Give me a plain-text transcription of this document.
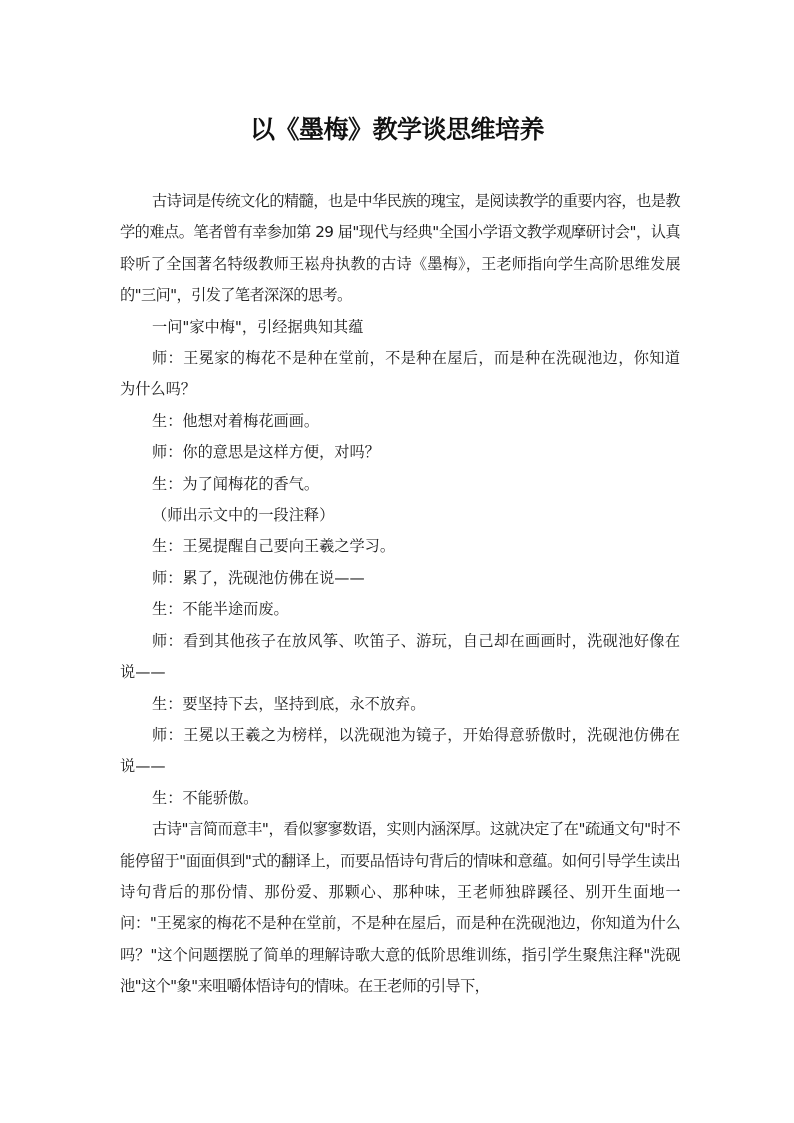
以《墨梅》教学谈思维培养

古诗词是传统文化的精髓，也是中华民族的瑰宝，是阅读教学的重要内容，也是教学的难点。笔者曾有幸参加第 29 届"现代与经典"全国小学语文教学观摩研讨会"，认真聆听了全国著名特级教师王崧舟执教的古诗《墨梅》，王老师指向学生高阶思维发展的"三问"，引发了笔者深深的思考。

一问"家中梅"，引经据典知其蕴

师：王冕家的梅花不是种在堂前，不是种在屋后，而是种在洗砚池边，你知道为什么吗？

生：他想对着梅花画画。

师：你的意思是这样方便，对吗？

生：为了闻梅花的香气。

（师出示文中的一段注释）

生：王冕提醒自己要向王羲之学习。

师：累了，洗砚池仿佛在说——

生：不能半途而废。

师：看到其他孩子在放风筝、吹笛子、游玩，自己却在画画时，洗砚池好像在说——

生：要坚持下去，坚持到底，永不放弃。

师：王冕以王羲之为榜样，以洗砚池为镜子，开始得意骄傲时，洗砚池仿佛在说——

生：不能骄傲。

古诗"言简而意丰"，看似寥寥数语，实则内涵深厚。这就决定了在"疏通文句"时不能停留于"面面俱到"式的翻译上，而要品悟诗句背后的情味和意蕴。如何引导学生读出诗句背后的那份情、那份爱、那颗心、那种味，王老师独辟蹊径、别开生面地一问："王冕家的梅花不是种在堂前，不是种在屋后，而是种在洗砚池边，你知道为什么吗？"这个问题摆脱了简单的理解诗歌大意的低阶思维训练，指引学生聚焦注释"洗砚池"这个"象"来咀嚼体悟诗句的情味。在王老师的引导下，
